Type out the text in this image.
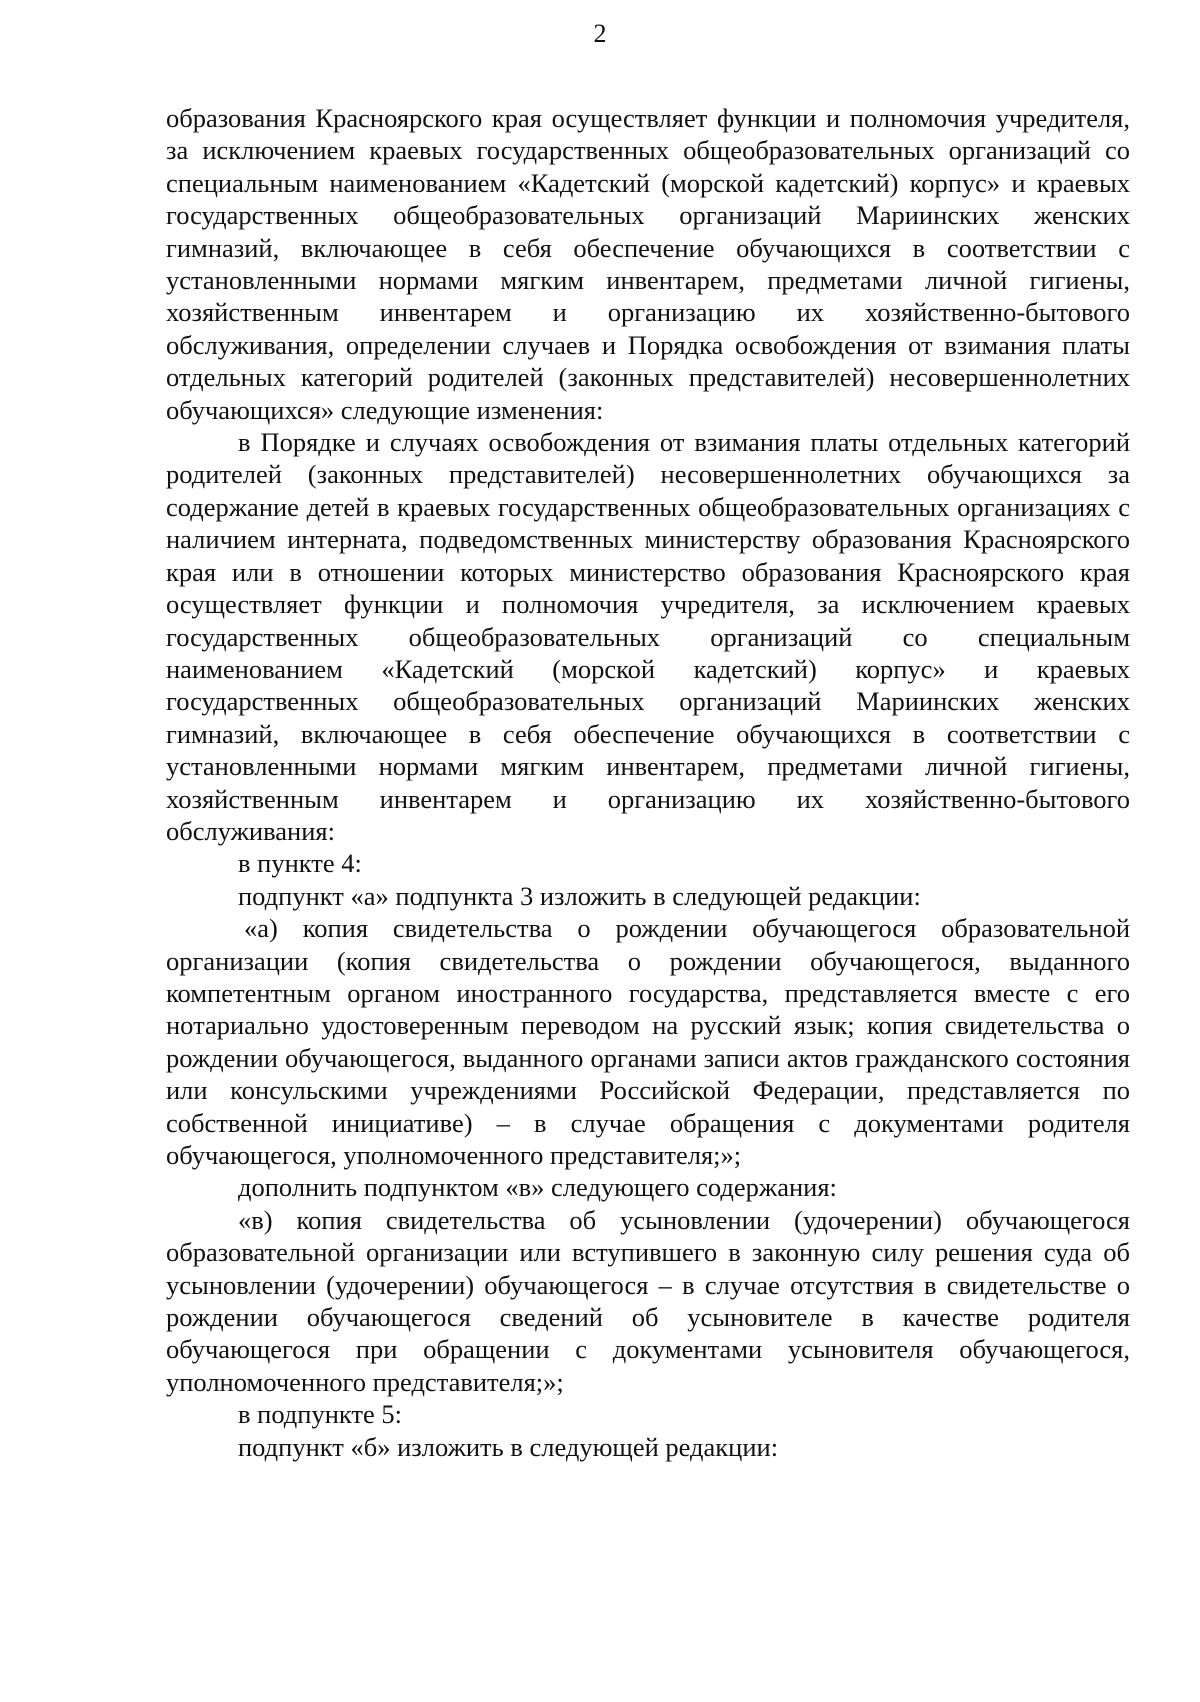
2

образования Красноярского края осуществляет функции и полномочия учредителя, за исключением краевых государственных общеобразовательных организаций со специальным наименованием «Кадетский (морской кадетский) корпус» и краевых государственных общеобразовательных организаций Мариинских женских гимназий, включающее в себя обеспечение обучающихся в соответствии с установленными нормами мягким инвентарем, предметами личной гигиены, хозяйственным инвентарем и организацию их хозяйственно-бытового обслуживания, определении случаев и Порядка освобождения от взимания платы отдельных категорий родителей (законных представителей) несовершеннолетних обучающихся» следующие изменения:

в Порядке и случаях освобождения от взимания платы отдельных категорий родителей (законных представителей) несовершеннолетних обучающихся за содержание детей в краевых государственных общеобразовательных организациях с наличием интерната, подведомственных министерству образования Красноярского края или в отношении которых министерство образования Красноярского края осуществляет функции и полномочия учредителя, за исключением краевых государственных общеобразовательных организаций со специальным наименованием «Кадетский (морской кадетский) корпус» и краевых государственных общеобразовательных организаций Мариинских женских гимназий, включающее в себя обеспечение обучающихся в соответствии с установленными нормами мягким инвентарем, предметами личной гигиены, хозяйственным инвентарем и организацию их хозяйственно-бытового обслуживания:

в пункте 4:

подпункт «а» подпункта 3 изложить в следующей редакции:

«а) копия свидетельства о рождении обучающегося образовательной организации (копия свидетельства о рождении обучающегося, выданного компетентным органом иностранного государства, представляется вместе с его нотариально удостоверенным переводом на русский язык; копия свидетельства о рождении обучающегося, выданного органами записи актов гражданского состояния или консульскими учреждениями Российской Федерации, представляется по собственной инициативе) – в случае обращения с документами родителя обучающегося, уполномоченного представителя;»;

дополнить подпунктом «в» следующего содержания:

«в) копия свидетельства об усыновлении (удочерении) обучающегося образовательной организации или вступившего в законную силу решения суда об усыновлении (удочерении) обучающегося – в случае отсутствия в свидетельстве о рождении обучающегося сведений об усыновителе в качестве родителя обучающегося при обращении с документами усыновителя обучающегося, уполномоченного представителя;»;

в подпункте 5:

подпункт «б» изложить в следующей редакции:
